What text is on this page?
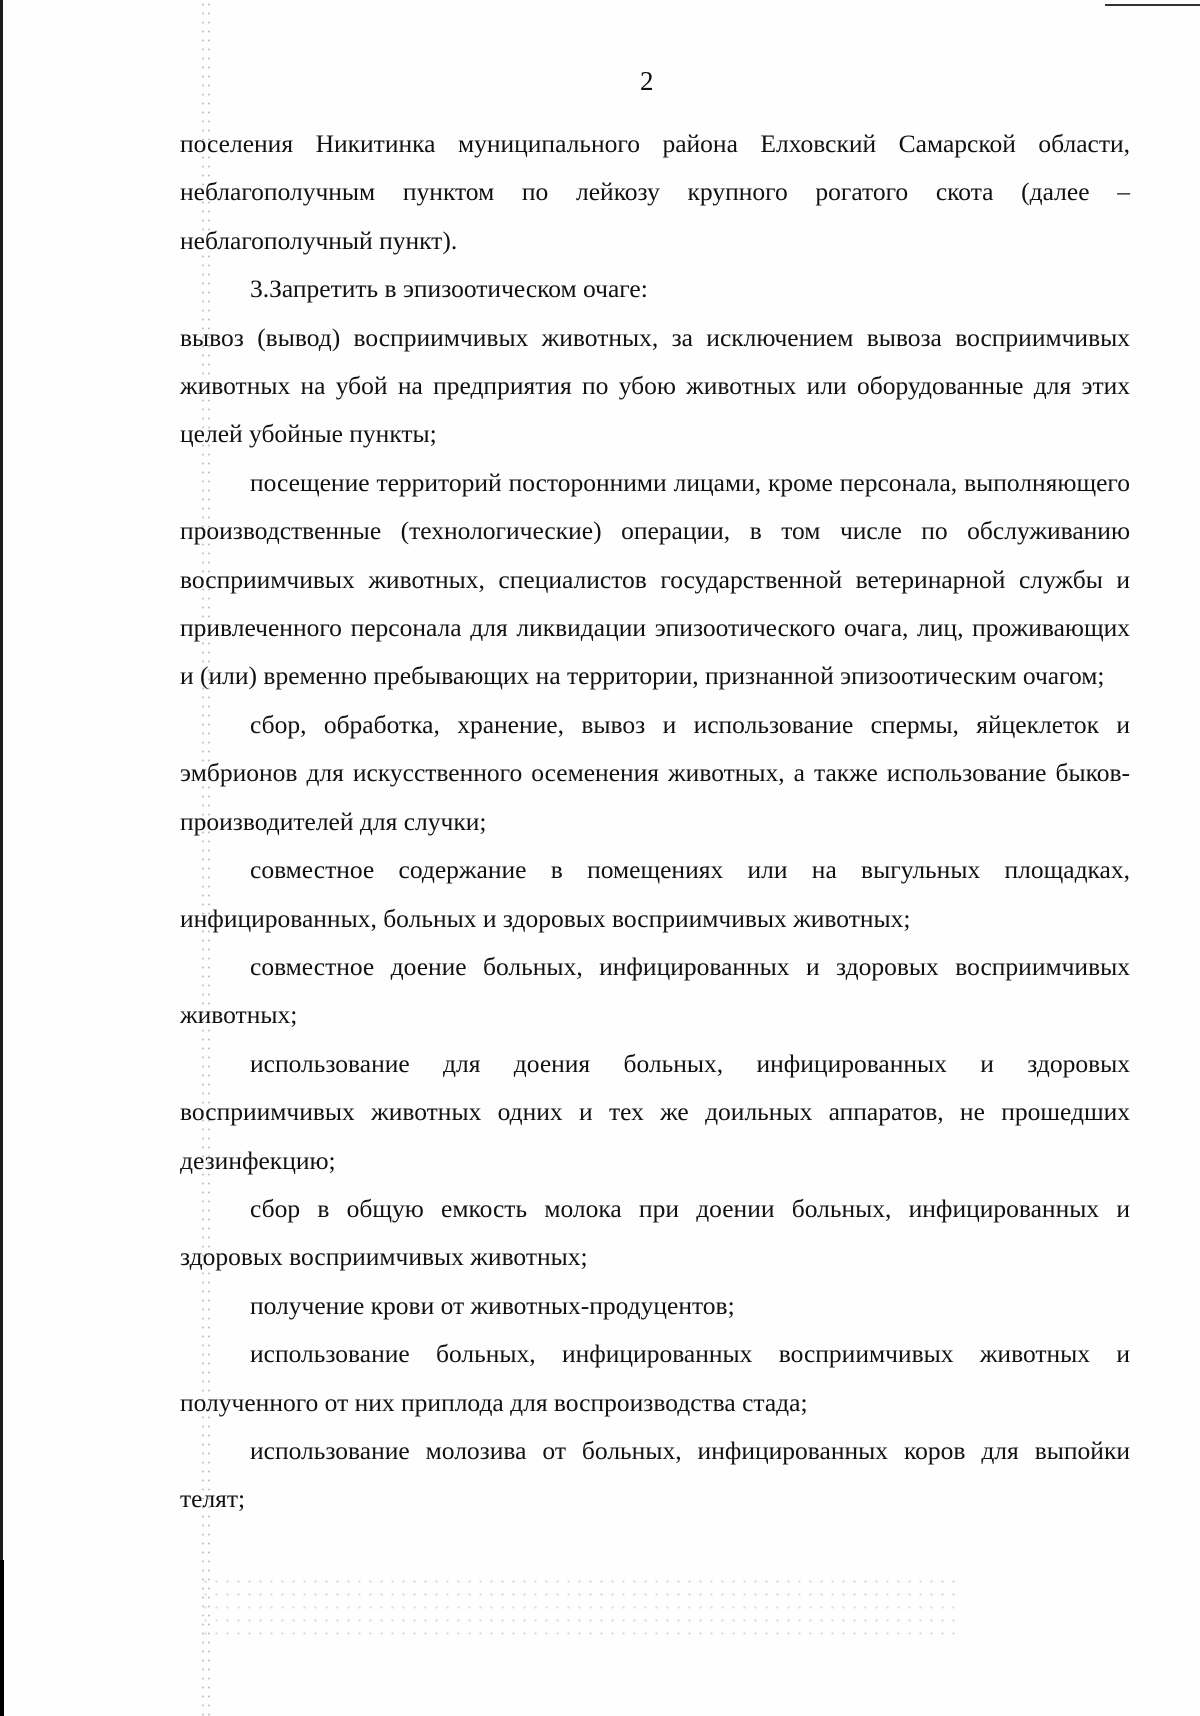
2

поселения Никитинка муниципального района Елховский Самарской области, неблагополучным пунктом по лейкозу крупного рогатого скота (далее – неблагополучный пункт).

3.Запретить в эпизоотическом очаге:

вывоз (вывод) восприимчивых животных, за исключением вывоза восприимчивых животных на убой на предприятия по убою животных или оборудованные для этих целей убойные пункты;

посещение территорий посторонними лицами, кроме персонала, выполняющего производственные (технологические) операции, в том числе по обслуживанию восприимчивых животных, специалистов государственной ветеринарной службы и привлеченного персонала для ликвидации эпизоотического очага, лиц, проживающих и (или) временно пребывающих на территории, признанной эпизоотическим очагом;

сбор, обработка, хранение, вывоз и использование спермы, яйцеклеток и эмбрионов для искусственного осеменения животных, а также использование быков-производителей для случки;

совместное содержание в помещениях или на выгульных площадках, инфицированных, больных и здоровых восприимчивых животных;

совместное доение больных, инфицированных и здоровых восприимчивых животных;

использование для доения больных, инфицированных и здоровых восприимчивых животных одних и тех же доильных аппаратов, не прошедших дезинфекцию;

сбор в общую емкость молока при доении больных, инфицированных и здоровых восприимчивых животных;

получение крови от животных-продуцентов;

использование больных, инфицированных восприимчивых животных и полученного от них приплода для воспроизводства стада;

использование молозива от больных, инфицированных коров для выпойки телят;
